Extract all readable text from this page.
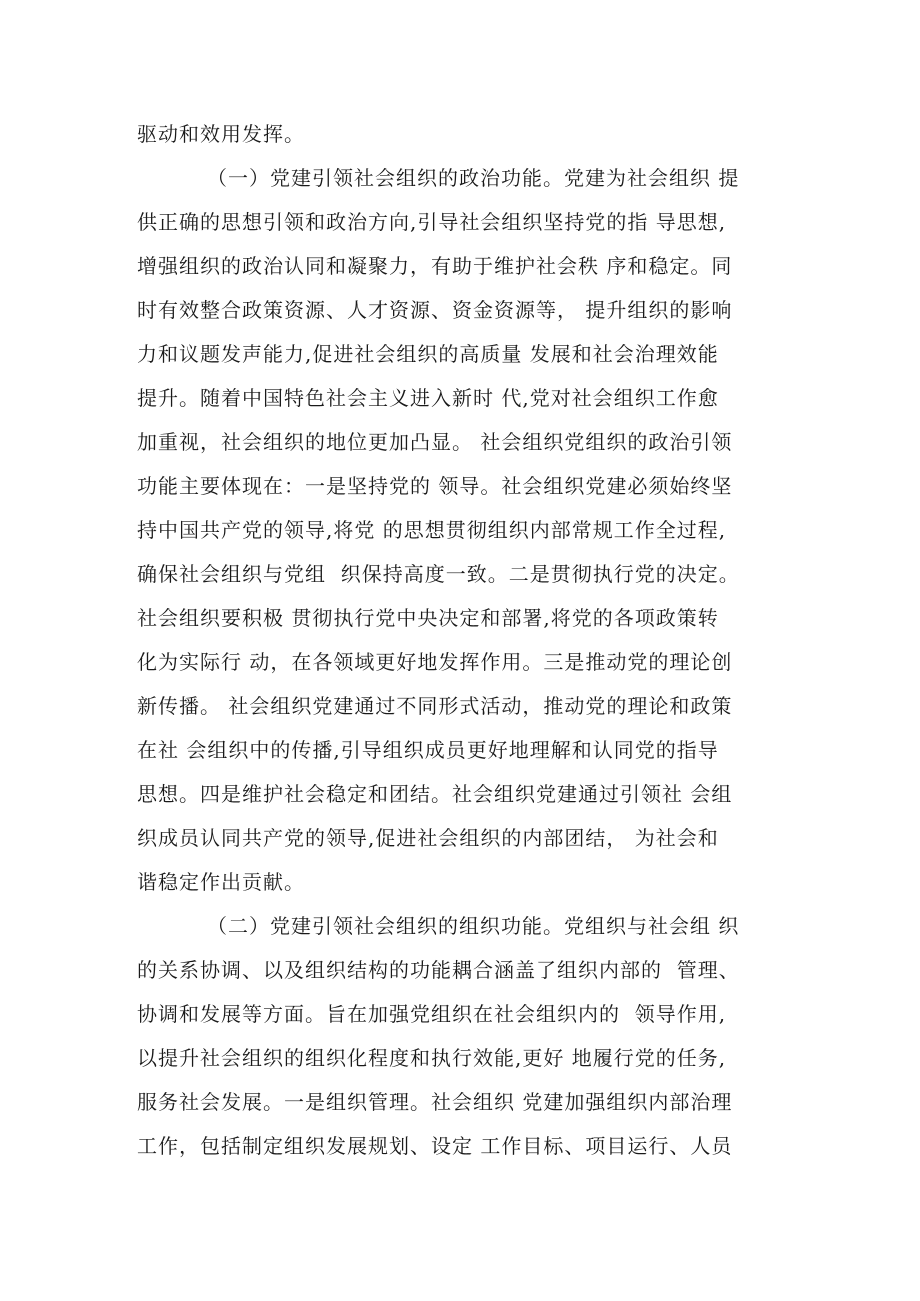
驱动和效用发挥。
（一）党建引领社会组织的政治功能。党建为社会组织 提
供正确的思想引领和政治方向,引导社会组织坚持党的指 导思想,
增强组织的政治认同和凝聚力，有助于维护社会秩 序和稳定。同
时有效整合政策资源、人才资源、资金资源等， 提升组织的影响
力和议题发声能力,促进社会组织的高质量 发展和社会治理效能
提升。随着中国特色社会主义进入新时 代,党对社会组织工作愈
加重视，社会组织的地位更加凸显。 社会组织党组织的政治引领
功能主要体现在：一是坚持党的 领导。社会组织党建必须始终坚
持中国共产党的领导,将党 的思想贯彻组织内部常规工作全过程,
确保社会组织与党组  织保持高度一致。二是贯彻执行党的决定。
社会组织要积极 贯彻执行党中央决定和部署,将党的各项政策转
化为实际行 动，在各领域更好地发挥作用。三是推动党的理论创
新传播。 社会组织党建通过不同形式活动，推动党的理论和政策
在社 会组织中的传播,引导组织成员更好地理解和认同党的指导
思想。四是维护社会稳定和团结。社会组织党建通过引领社 会组
织成员认同共产党的领导,促进社会组织的内部团结， 为社会和
谐稳定作出贡献。
（二）党建引领社会组织的组织功能。党组织与社会组 织
的关系协调、以及组织结构的功能耦合涵盖了组织内部的  管理、
协调和发展等方面。旨在加强党组织在社会组织内的  领导作用,
以提升社会组织的组织化程度和执行效能,更好 地履行党的任务,
服务社会发展。一是组织管理。社会组织 党建加强组织内部治理
工作，包括制定组织发展规划、设定 工作目标、项目运行、人员
